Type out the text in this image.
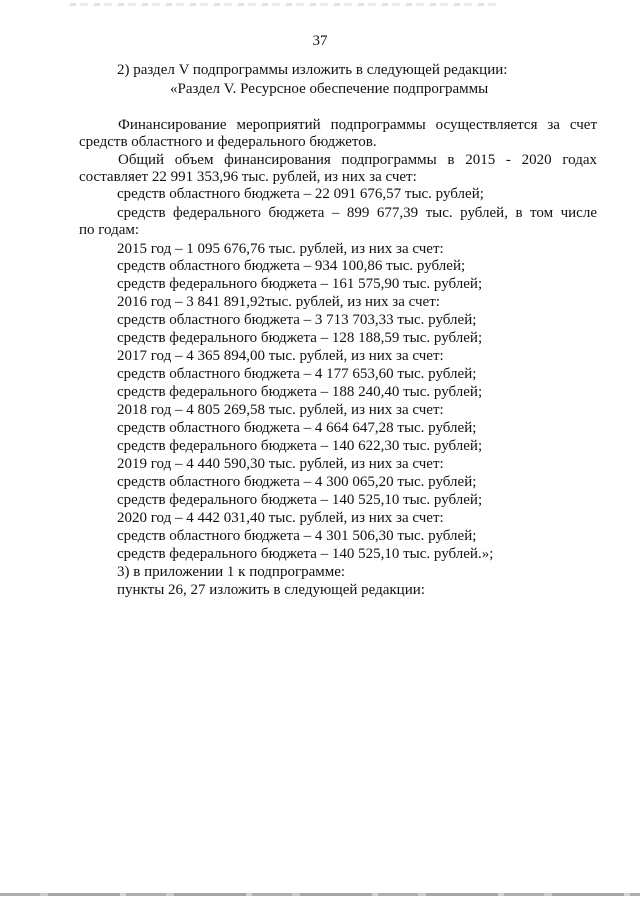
37
2) раздел V подпрограммы изложить в следующей редакции:
«Раздел V. Ресурсное обеспечение подпрограммы
Финансирование мероприятий подпрограммы осуществляется за счет
средств областного и федерального бюджетов.
Общий объем финансирования подпрограммы в 2015 - 2020 годах
составляет 22 991 353,96 тыс. рублей, из них за счет:
средств областного бюджета – 22 091 676,57 тыс. рублей;
средств федерального бюджета – 899 677,39 тыс. рублей, в том числе
по годам:
2015 год – 1 095 676,76 тыс. рублей, из них за счет:
средств областного бюджета – 934 100,86 тыс. рублей;
средств федерального бюджета – 161 575,90 тыс. рублей;
2016 год – 3 841 891,92тыс. рублей, из них за счет:
средств областного бюджета – 3 713 703,33 тыс. рублей;
средств федерального бюджета – 128 188,59 тыс. рублей;
2017 год – 4 365 894,00 тыс. рублей, из них за счет:
средств областного бюджета – 4 177 653,60 тыс. рублей;
средств федерального бюджета – 188 240,40 тыс. рублей;
2018 год – 4 805 269,58 тыс. рублей, из них за счет:
средств областного бюджета – 4 664 647,28 тыс. рублей;
средств федерального бюджета – 140 622,30 тыс. рублей;
2019 год – 4 440 590,30 тыс. рублей, из них за счет:
средств областного бюджета – 4 300 065,20 тыс. рублей;
средств федерального бюджета – 140 525,10 тыс. рублей;
2020 год – 4 442 031,40 тыс. рублей, из них за счет:
средств областного бюджета – 4 301 506,30 тыс. рублей;
средств федерального бюджета – 140 525,10 тыс. рублей.»;
3) в приложении 1 к подпрограмме:
пункты 26, 27 изложить в следующей редакции:
